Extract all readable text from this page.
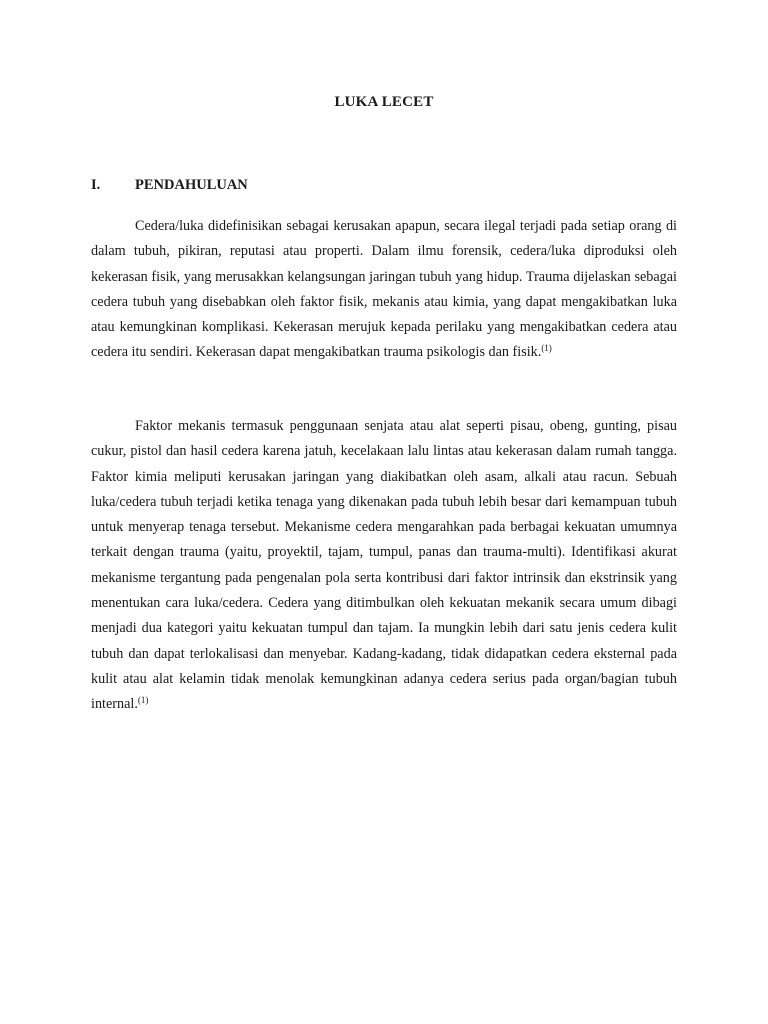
LUKA LECET
I.	PENDAHULUAN

Cedera/luka didefinisikan sebagai kerusakan apapun, secara ilegal terjadi pada setiap orang di dalam tubuh, pikiran, reputasi atau properti. Dalam ilmu forensik, cedera/luka diproduksi oleh kekerasan fisik, yang merusakkan kelangsungan jaringan tubuh yang hidup. Trauma dijelaskan sebagai cedera tubuh yang disebabkan oleh faktor fisik, mekanis atau kimia, yang dapat mengakibatkan luka atau kemungkinan komplikasi. Kekerasan merujuk kepada perilaku yang mengakibatkan cedera atau cedera itu sendiri. Kekerasan dapat mengakibatkan trauma psikologis dan fisik.$^{(1)}$

Faktor mekanis termasuk penggunaan senjata atau alat seperti pisau, obeng, gunting, pisau cukur, pistol dan hasil cedera karena jatuh, kecelakaan lalu lintas atau kekerasan dalam rumah tangga. Faktor kimia meliputi kerusakan jaringan yang diakibatkan oleh asam, alkali atau racun. Sebuah luka/cedera tubuh terjadi ketika tenaga yang dikenakan pada tubuh lebih besar dari kemampuan tubuh untuk menyerap tenaga tersebut. Mekanisme cedera mengarahkan pada berbagai kekuatan umumnya terkait dengan trauma (yaitu, proyektil, tajam, tumpul, panas dan trauma-multi). Identifikasi akurat mekanisme tergantung pada pengenalan pola serta kontribusi dari faktor intrinsik dan ekstrinsik yang menentukan cara luka/cedera. Cedera yang ditimbulkan oleh kekuatan mekanik secara umum dibagi menjadi dua kategori yaitu kekuatan tumpul dan tajam. Ia mungkin lebih dari satu jenis cedera kulit tubuh dan dapat terlokalisasi dan menyebar. Kadang-kadang, tidak didapatkan cedera eksternal pada kulit atau alat kelamin tidak menolak kemungkinan adanya cedera serius pada organ/bagian tubuh internal.$^{(1)}$
